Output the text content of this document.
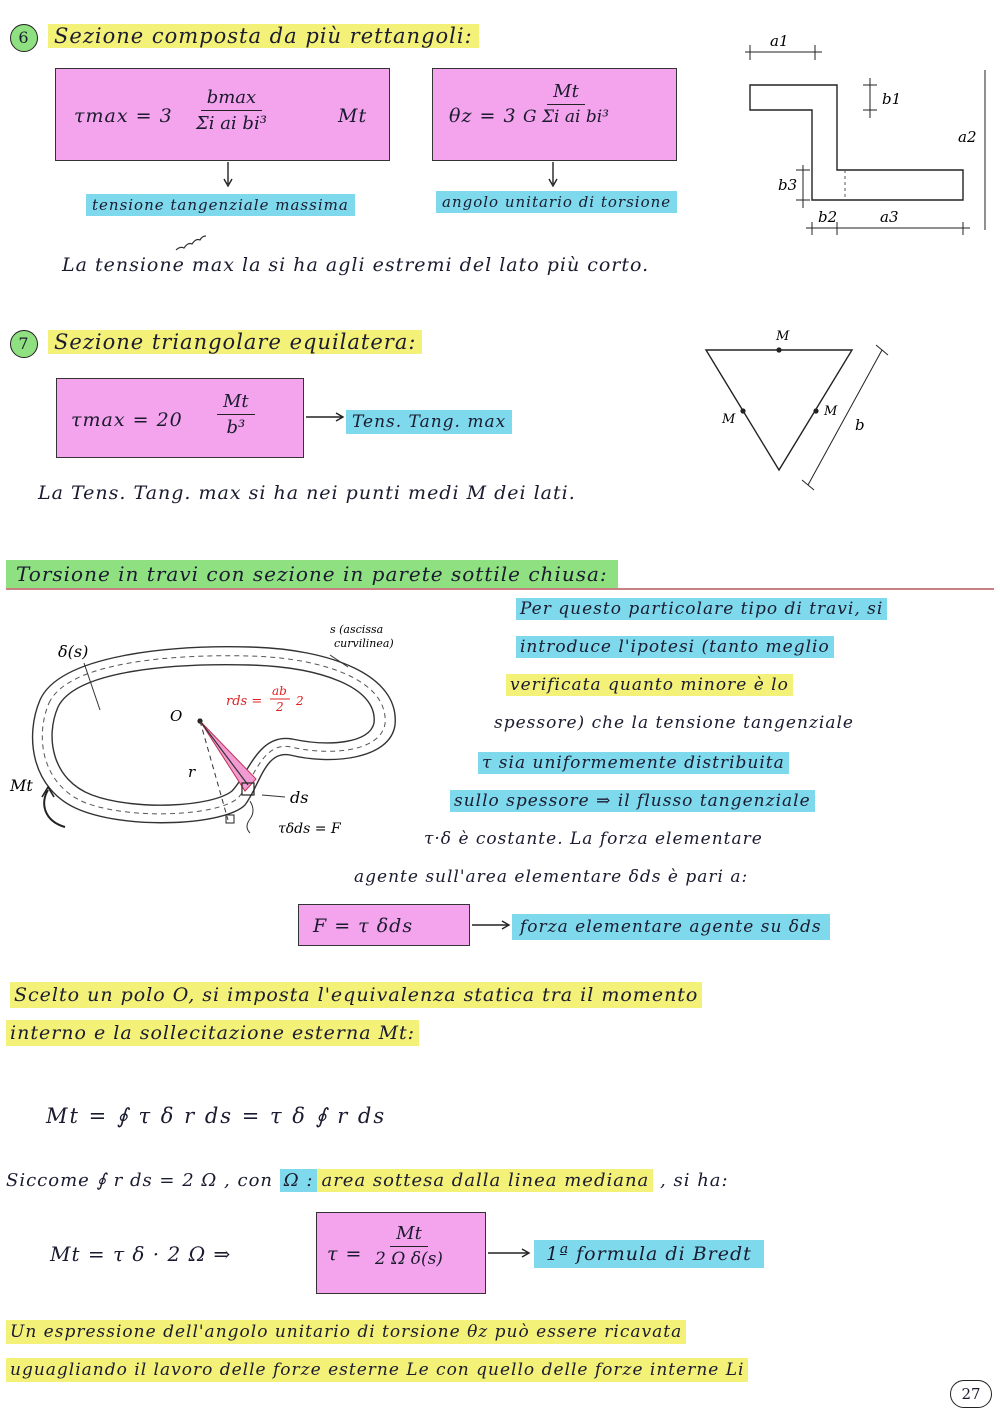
6 Sezione composta da più rettangoli:
τmax = 3
bmax
Σi ai bi³	Mt	$\theta z = 3 \frac{Mt}{\text{G Σi ai bi³}}$
tensione tangenziale massima	angolo unitario di torsione
La tensione max la si ha agli estremi del lato più corto.
a1
b1
a2
b3
b2	a3
7 Sezione triangolare equilatera:
$\tau\max = 20 \frac{Mt}{\text{b³}}$	Tens. Tang. max
La Tens. Tang. max si ha nei punti medi M dei lati.
M
M
M
b
Torsione in travi con sezione in parete sottile chiusa:
Per questo particolare tipo di travi, si
introduce l'ipotesi (tanto meglio
verificata quanto minore è lo
spessore) che la tensione tangenziale
τ sia uniformemente distribuita
sullo spessore ⇒ il flusso tangenziale
τ·δ è costante. La forza elementare
agente sull'area elementare δds è pari a:
δ(s)
s (ascissa
curvilinea)
O
r
rds =
ab
2 2
ds
τδds = F
Mt
F = τ δds	forza elementare agente su δds
Scelto un polo O, si imposta l'equivalenza statica tra il momento
interno e la sollecitazione esterna Mt:
Mt = ∮ τ δ r ds = τ δ ∮ r ds
Siccome ∮ r ds = 2 Ω , con Ω : area sottesa dalla linea mediana , si ha:
Mt = τ δ · 2 Ω ⇒	$\tau = \frac{Mt}{\text{2 Ω δ(s)}}$	1ª formula di Bredt
Un espressione dell'angolo unitario di torsione θz può essere ricavata
uguagliando il lavoro delle forze esterne Le con quello delle forze interne Li
27
